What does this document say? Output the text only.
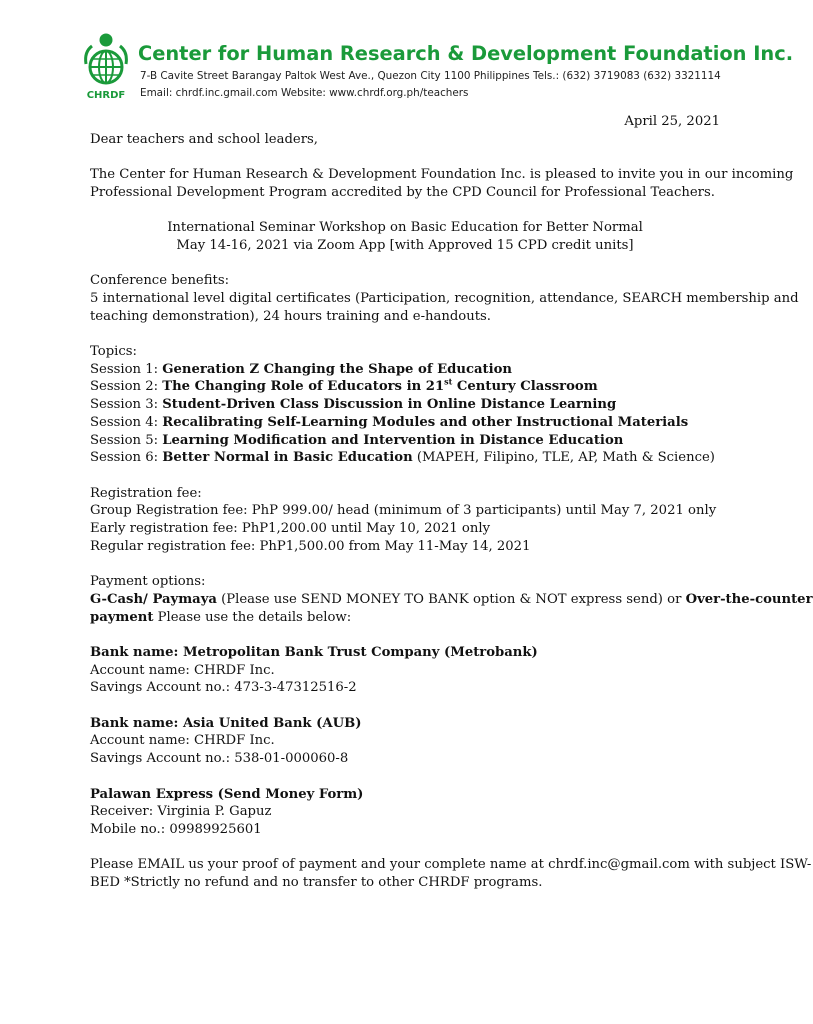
CHRDF
Center for Human Research & Development Foundation Inc.
7-B Cavite Street Barangay Paltok West Ave., Quezon City 1100 Philippines Tels.: (632) 3719083 (632) 3321114
Email: chrdf.inc.gmail.com Website: www.chrdf.org.ph/teachers
April 25, 2021
Dear teachers and school leaders,
The Center for Human Research & Development Foundation Inc. is pleased to invite you in our incoming
Professional Development Program accredited by the CPD Council for Professional Teachers.
International Seminar Workshop on Basic Education for Better Normal
May 14-16, 2021 via Zoom App [with Approved 15 CPD credit units]
Conference benefits:
5 international level digital certificates (Participation, recognition, attendance, SEARCH membership and
teaching demonstration), 24 hours training and e-handouts.
Topics:
Session 1: Generation Z Changing the Shape of Education
Session 2: The Changing Role of Educators in 21st Century Classroom
Session 3: Student-Driven Class Discussion in Online Distance Learning
Session 4: Recalibrating Self-Learning Modules and other Instructional Materials
Session 5: Learning Modification and Intervention in Distance Education
Session 6: Better Normal in Basic Education (MAPEH, Filipino, TLE, AP, Math & Science)
Registration fee:
Group Registration fee: PhP 999.00/ head (minimum of 3 participants) until May 7, 2021 only
Early registration fee: PhP1,200.00 until May 10, 2021 only
Regular registration fee: PhP1,500.00 from May 11-May 14, 2021
Payment options:
G-Cash/ Paymaya (Please use SEND MONEY TO BANK option & NOT express send) or Over-the-counter
payment Please use the details below:
Bank name: Metropolitan Bank Trust Company (Metrobank)
Account name: CHRDF Inc.
Savings Account no.: 473-3-47312516-2
Bank name: Asia United Bank (AUB)
Account name: CHRDF Inc.
Savings Account no.: 538-01-000060-8
Palawan Express (Send Money Form)
Receiver: Virginia P. Gapuz
Mobile no.: 09989925601
Please EMAIL us your proof of payment and your complete name at chrdf.inc@gmail.com with subject ISW-
BED *Strictly no refund and no transfer to other CHRDF programs.
